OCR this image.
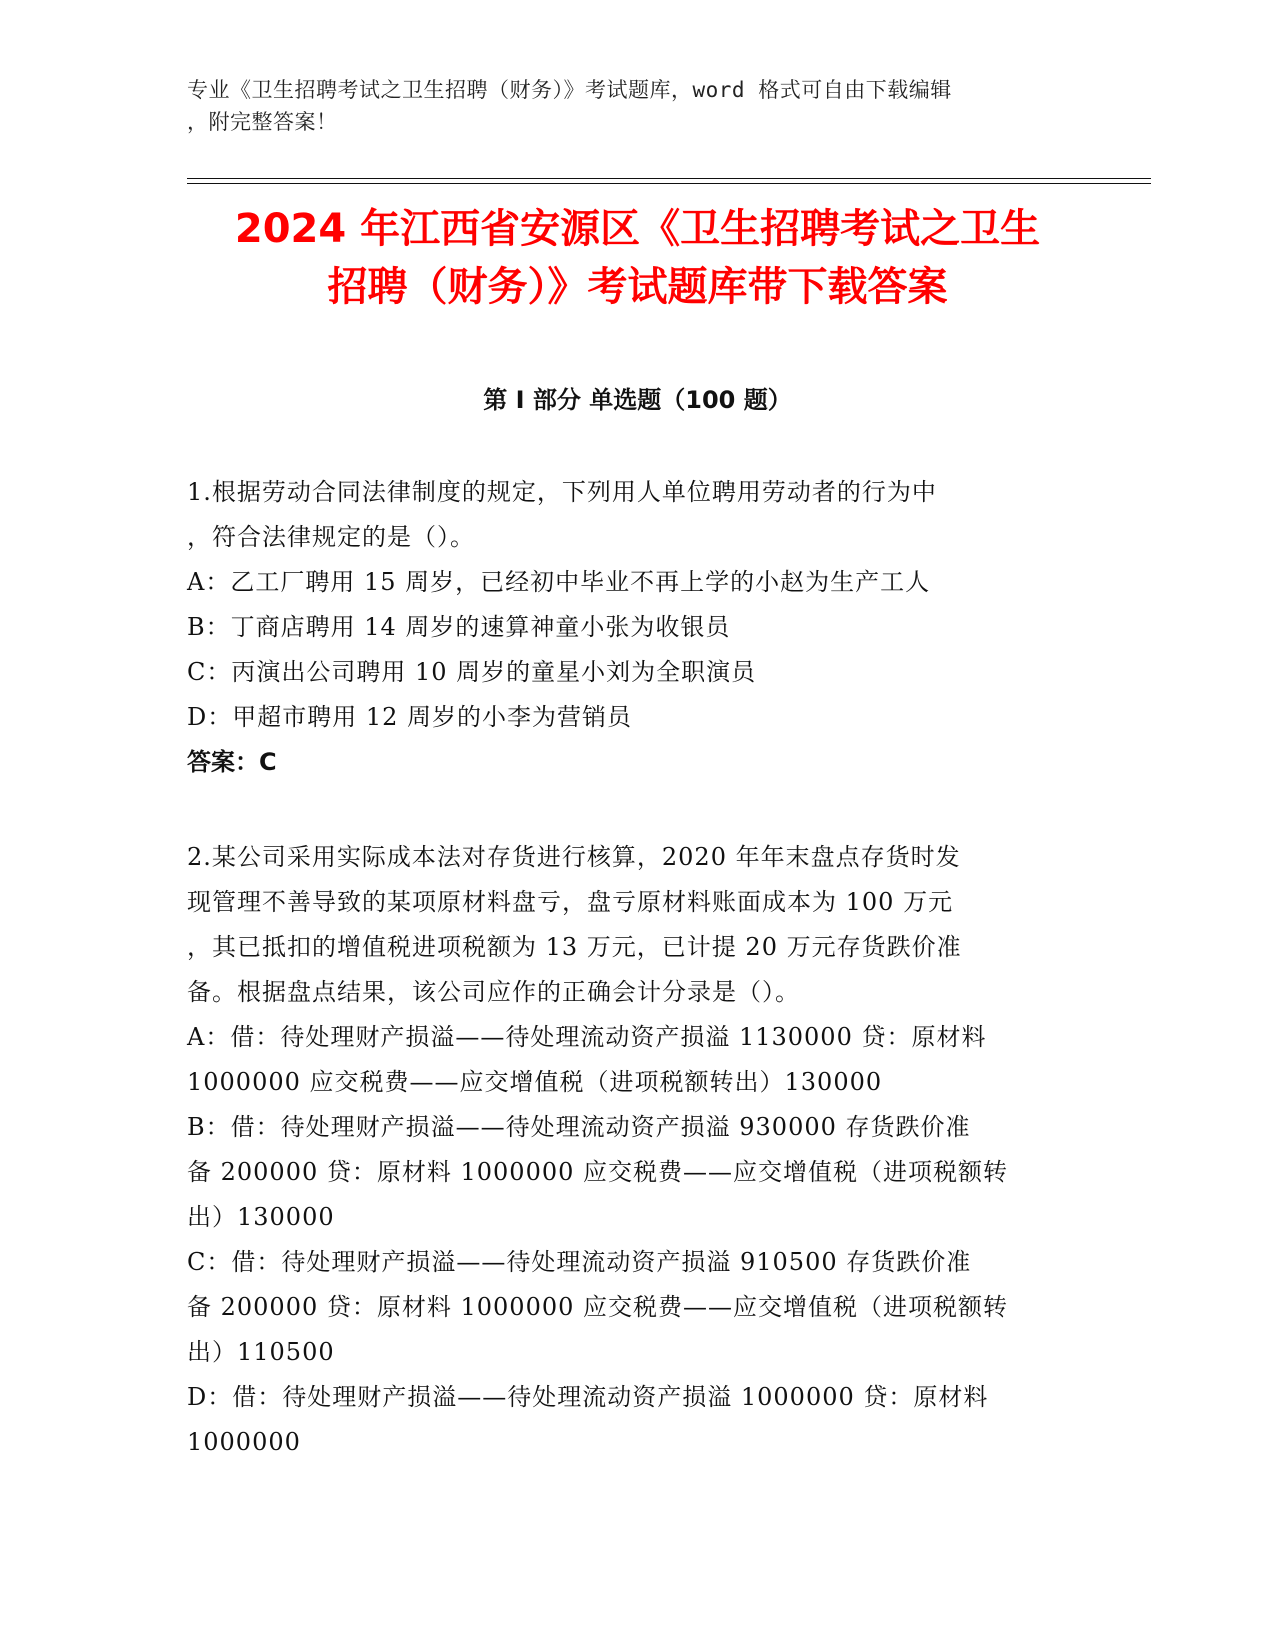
专业《卫生招聘考试之卫生招聘（财务）》考试题库，word 格式可自由下载编辑
，附完整答案！
2024 年江西省安源区《卫生招聘考试之卫生
招聘（财务）》考试题库带下载答案
第 I 部分 单选题（100 题）
1.根据劳动合同法律制度的规定，下列用人单位聘用劳动者的行为中
，符合法律规定的是（）。
A：乙工厂聘用 15 周岁，已经初中毕业不再上学的小赵为生产工人
B：丁商店聘用 14 周岁的速算神童小张为收银员
C：丙演出公司聘用 10 周岁的童星小刘为全职演员
D：甲超市聘用 12 周岁的小李为营销员
答案：C
2.某公司采用实际成本法对存货进行核算，2020 年年末盘点存货时发
现管理不善导致的某项原材料盘亏，盘亏原材料账面成本为 100 万元
，其已抵扣的增值税进项税额为 13 万元，已计提 20 万元存货跌价准
备。根据盘点结果，该公司应作的正确会计分录是（）。
A：借：待处理财产损溢——待处理流动资产损溢 1130000 贷：原材料
1000000 应交税费——应交增值税（进项税额转出）130000
B：借：待处理财产损溢——待处理流动资产损溢 930000 存货跌价准
备 200000 贷：原材料 1000000 应交税费——应交增值税（进项税额转
出）130000
C：借：待处理财产损溢——待处理流动资产损溢 910500 存货跌价准
备 200000 贷：原材料 1000000 应交税费——应交增值税（进项税额转
出）110500
D：借：待处理财产损溢——待处理流动资产损溢 1000000 贷：原材料
1000000
